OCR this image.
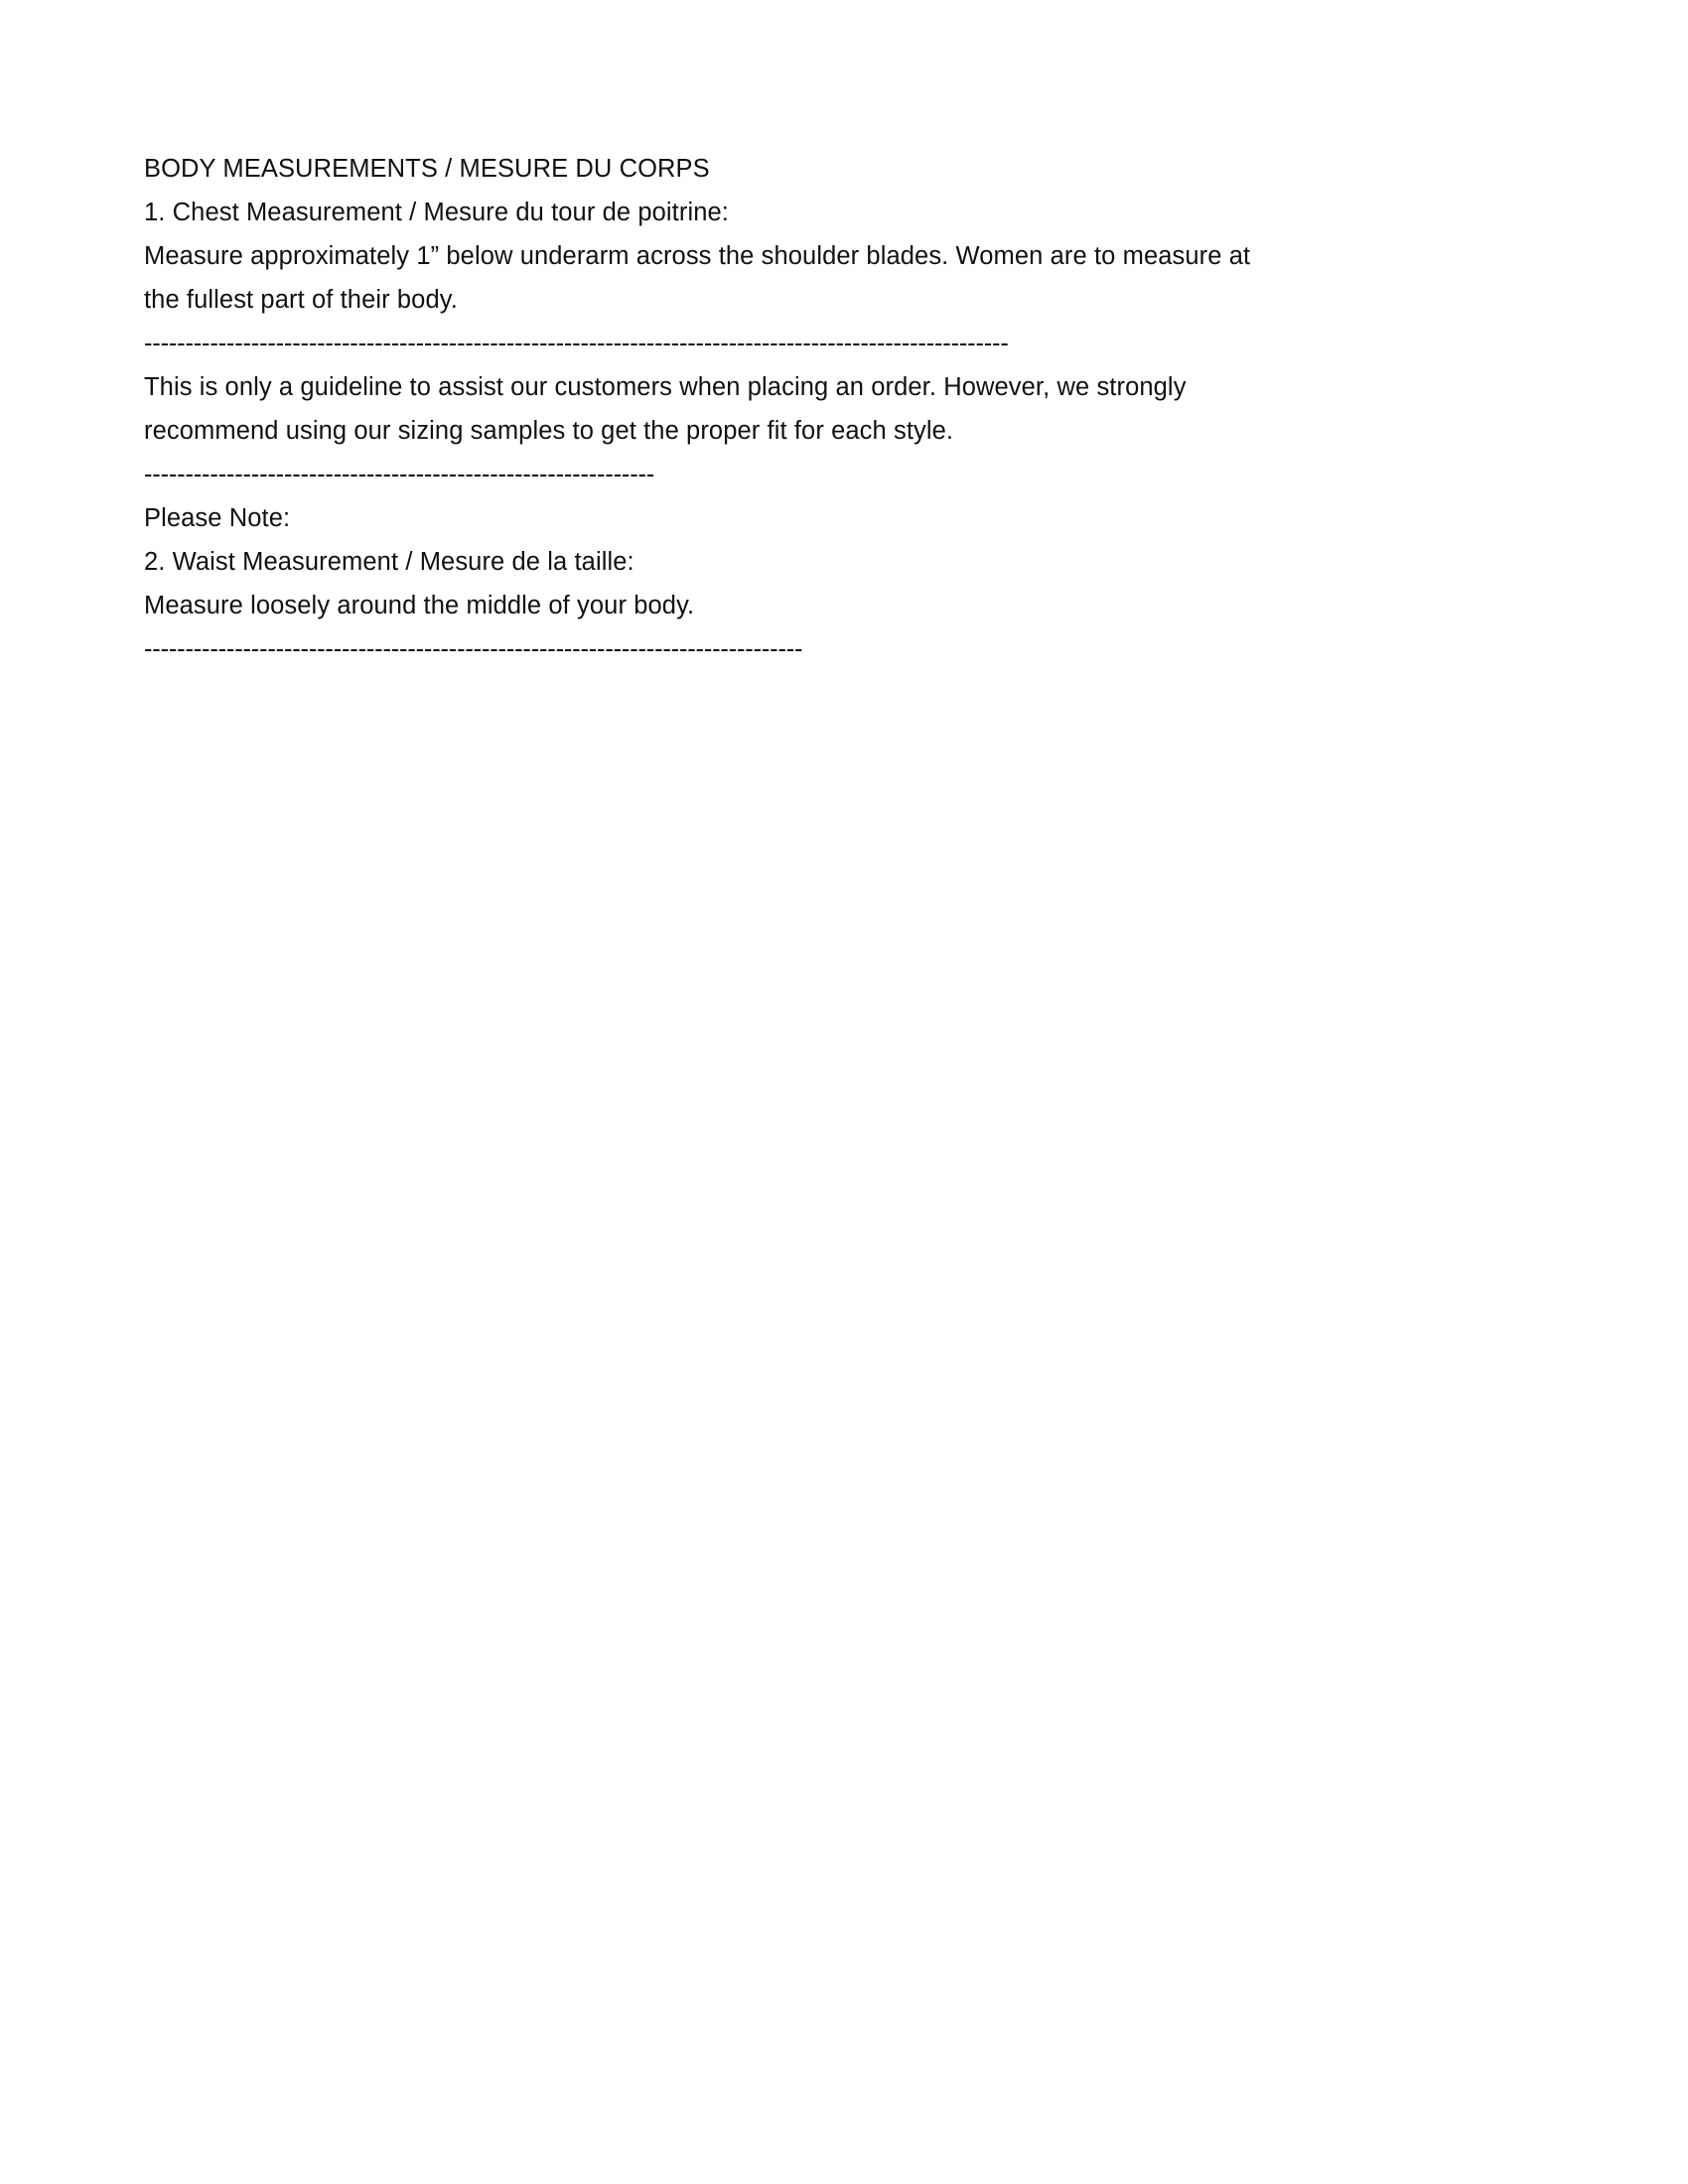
BODY MEASUREMENTS / MESURE DU CORPS
1. Chest Measurement / Mesure du tour de poitrine:
Measure approximately 1” below underarm across the shoulder blades. Women are to measure at the fullest part of their body.
---------------------------------------------------------------------------------------------------------
This is only a guideline to assist our customers when placing an order. However, we strongly recommend using our sizing samples to get the proper fit for each style.
--------------------------------------------------------------
Please Note:
2. Waist Measurement / Mesure de la taille:
Measure loosely around the middle of your body.
--------------------------------------------------------------------------------
